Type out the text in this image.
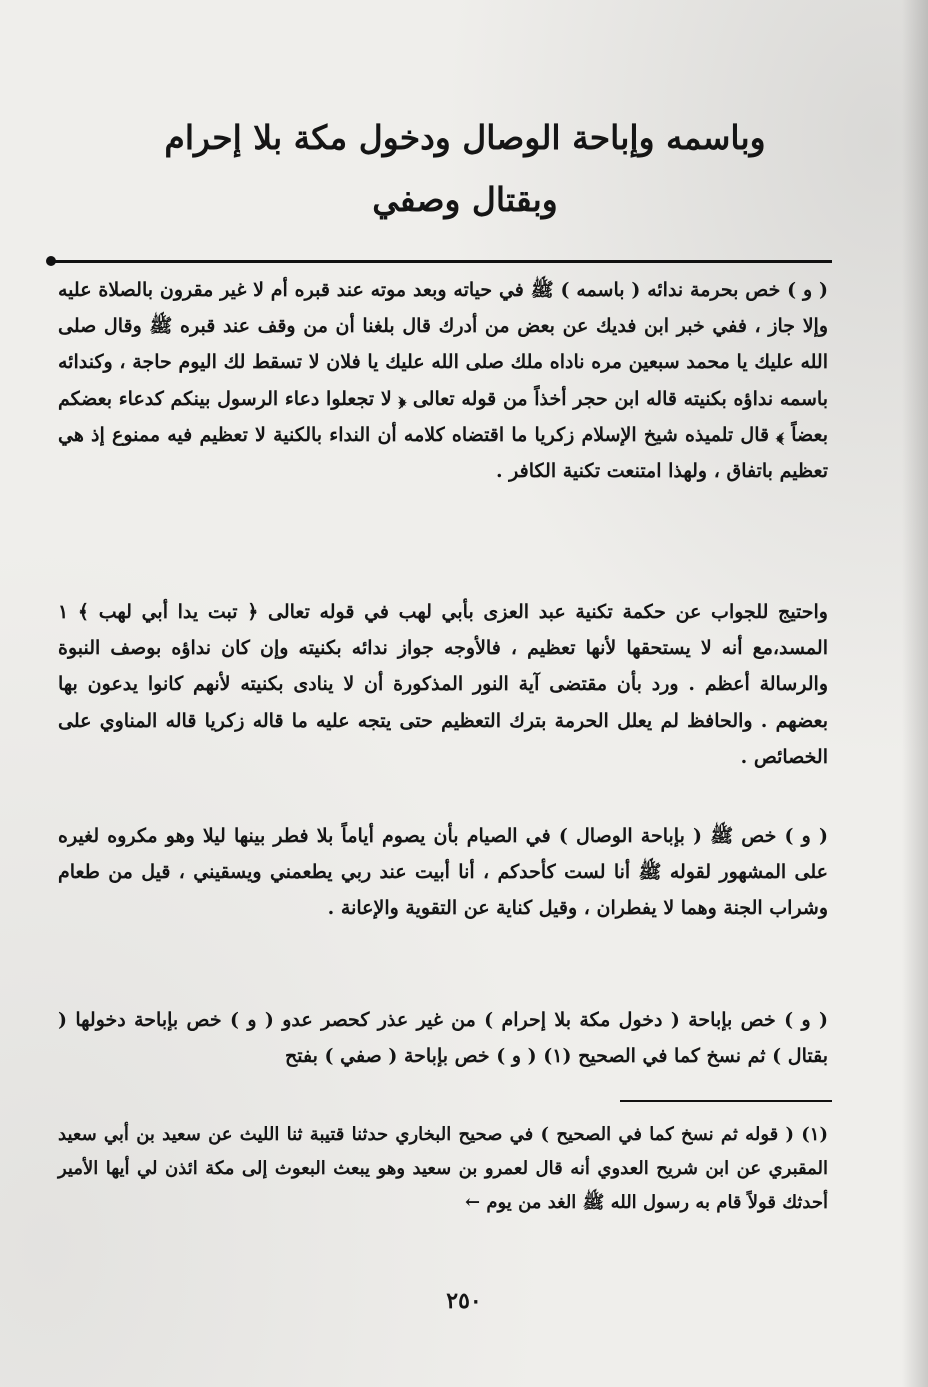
وباسمه وإباحة الوصال ودخول مكة بلا إحرام
وبقتال وصفي
( و ) خص بحرمة ندائه ( باسمه ) ﷺ في حياته وبعد موته عند قبره أم لا غير مقرون بالصلاة عليه وإلا جاز ، ففي خبر ابن فديك عن بعض من أدرك قال بلغنا أن من وقف عند قبره ﷺ وقال صلى الله عليك يا محمد سبعين مره ناداه ملك صلى الله عليك يا فلان لا تسقط لك اليوم حاجة ، وكندائه باسمه نداؤه بكنيته قاله ابن حجر أخذاً من قوله تعالى ﴿ لا تجعلوا دعاء الرسول بينكم كدعاء بعضكم بعضاً ﴾ قال تلميذه شيخ الإسلام زكريا ما اقتضاه كلامه أن النداء بالكنية لا تعظيم فيه ممنوع إذ هي تعظيم باتفاق ، ولهذا امتنعت تكنية الكافر .
واحتيج للجواب عن حكمة تكنية عبد العزى بأبي لهب في قوله تعالى ﴿ تبت يدا أبي لهب ﴾ ١ المسد،مع أنه لا يستحقها لأنها تعظيم ، فالأوجه جواز ندائه بكنيته وإن كان نداؤه بوصف النبوة والرسالة أعظم . ورد بأن مقتضى آية النور المذكورة أن لا ينادى بكنيته لأنهم كانوا يدعون بها بعضهم . والحافظ لم يعلل الحرمة بترك التعظيم حتى يتجه عليه ما قاله زكريا قاله المناوي على الخصائص .
( و ) خص ﷺ ( بإباحة الوصال ) في الصيام بأن يصوم أياماً بلا فطر بينها ليلا وهو مكروه لغيره على المشهور لقوله ﷺ أنا لست كأحدكم ، أنا أبيت عند ربي يطعمني ويسقيني ، قيل من طعام وشراب الجنة وهما لا يفطران ، وقيل كناية عن التقوية والإعانة .
( و ) خص بإباحة ( دخول مكة بلا إحرام ) من غير عذر كحصر عدو ( و ) خص بإباحة دخولها ( بقتال ) ثم نسخ كما في الصحيح (١) ( و ) خص بإباحة ( صفي ) بفتح
(١) ( قوله ثم نسخ كما في الصحيح ) في صحيح البخاري حدثنا قتيبة ثنا الليث عن سعيد بن أبي سعيد المقبري عن ابن شريح العدوي أنه قال لعمرو بن سعيد وهو يبعث البعوث إلى مكة ائذن لي أيها الأمير أحدثك قولاً قام به رسول الله ﷺ الغد من يوم ←
٢٥٠
